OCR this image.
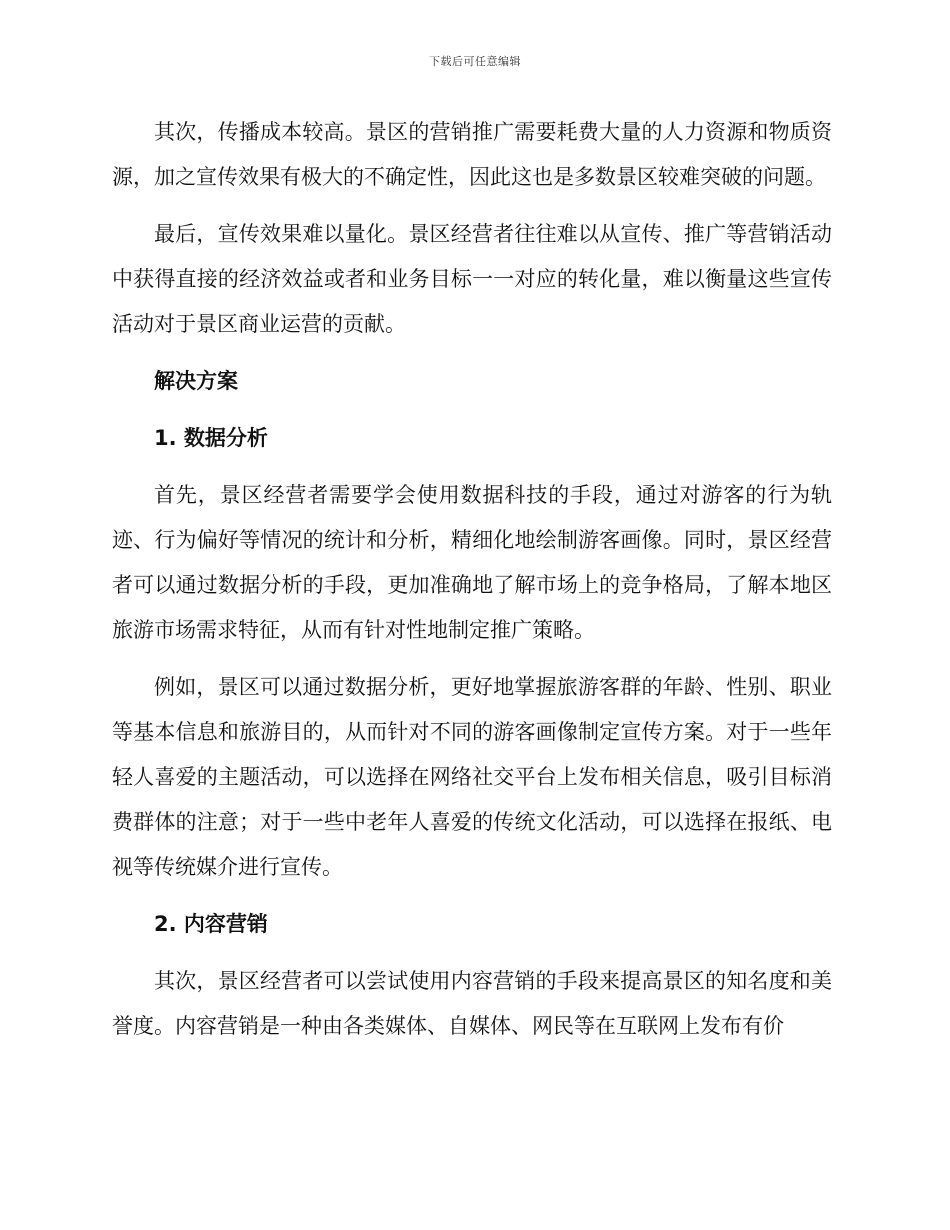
下载后可任意编辑

其次，传播成本较高。景区的营销推广需要耗费大量的人力资源和物质资源，加之宣传效果有极大的不确定性，因此这也是多数景区较难突破的问题。

最后，宣传效果难以量化。景区经营者往往难以从宣传、推广等营销活动中获得直接的经济效益或者和业务目标一一对应的转化量，难以衡量这些宣传活动对于景区商业运营的贡献。

解决方案
1. 数据分析

首先，景区经营者需要学会使用数据科技的手段，通过对游客的行为轨迹、行为偏好等情况的统计和分析，精细化地绘制游客画像。同时，景区经营者可以通过数据分析的手段，更加准确地了解市场上的竞争格局，了解本地区旅游市场需求特征，从而有针对性地制定推广策略。

例如，景区可以通过数据分析，更好地掌握旅游客群的年龄、性别、职业等基本信息和旅游目的，从而针对不同的游客画像制定宣传方案。对于一些年轻人喜爱的主题活动，可以选择在网络社交平台上发布相关信息，吸引目标消费群体的注意；对于一些中老年人喜爱的传统文化活动，可以选择在报纸、电视等传统媒介进行宣传。

2. 内容营销

其次，景区经营者可以尝试使用内容营销的手段来提高景区的知名度和美誉度。内容营销是一种由各类媒体、自媒体、网民等在互联网上发布有价
